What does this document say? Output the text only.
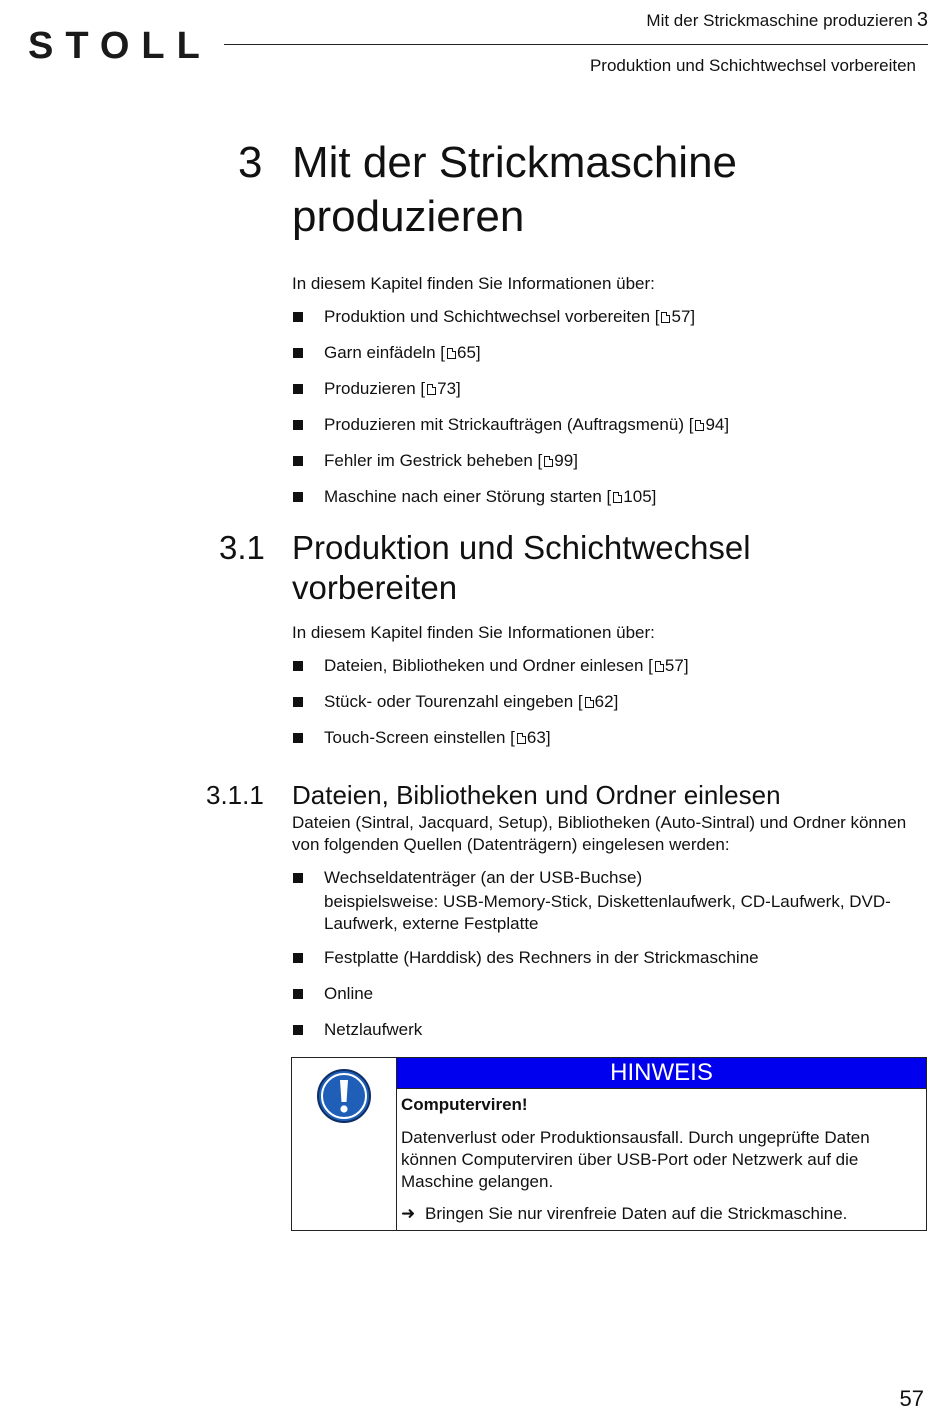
STOLL
Mit der Strickmaschine produzieren 3
Produktion und Schichtwechsel vorbereiten
3 Mit der Strickmaschine produzieren
In diesem Kapitel finden Sie Informationen über:
Produktion und Schichtwechsel vorbereiten [ 57]
Garn einfädeln [ 65]
Produzieren [ 73]
Produzieren mit Strickaufträgen (Auftragsmenü) [ 94]
Fehler im Gestrick beheben [ 99]
Maschine nach einer Störung starten [ 105]
3.1 Produktion und Schichtwechsel vorbereiten
In diesem Kapitel finden Sie Informationen über:
Dateien, Bibliotheken und Ordner einlesen [ 57]
Stück- oder Tourenzahl eingeben [ 62]
Touch-Screen einstellen [ 63]
3.1.1 Dateien, Bibliotheken und Ordner einlesen
Dateien (Sintral, Jacquard, Setup), Bibliotheken (Auto-Sintral) und Ordner können von folgenden Quellen (Datenträgern) eingelesen werden:
Wechseldatenträger (an der USB-Buchse)
beispielsweise: USB-Memory-Stick, Diskettenlaufwerk, CD-Laufwerk, DVD-Laufwerk, externe Festplatte
Festplatte (Harddisk) des Rechners in der Strickmaschine
Online
Netzlaufwerk
HINWEIS
Computerviren!
Datenverlust oder Produktionsausfall. Durch ungeprüfte Daten können Computerviren über USB-Port oder Netzwerk auf die Maschine gelangen.
➜ Bringen Sie nur virenfreie Daten auf die Strickmaschine.
57
